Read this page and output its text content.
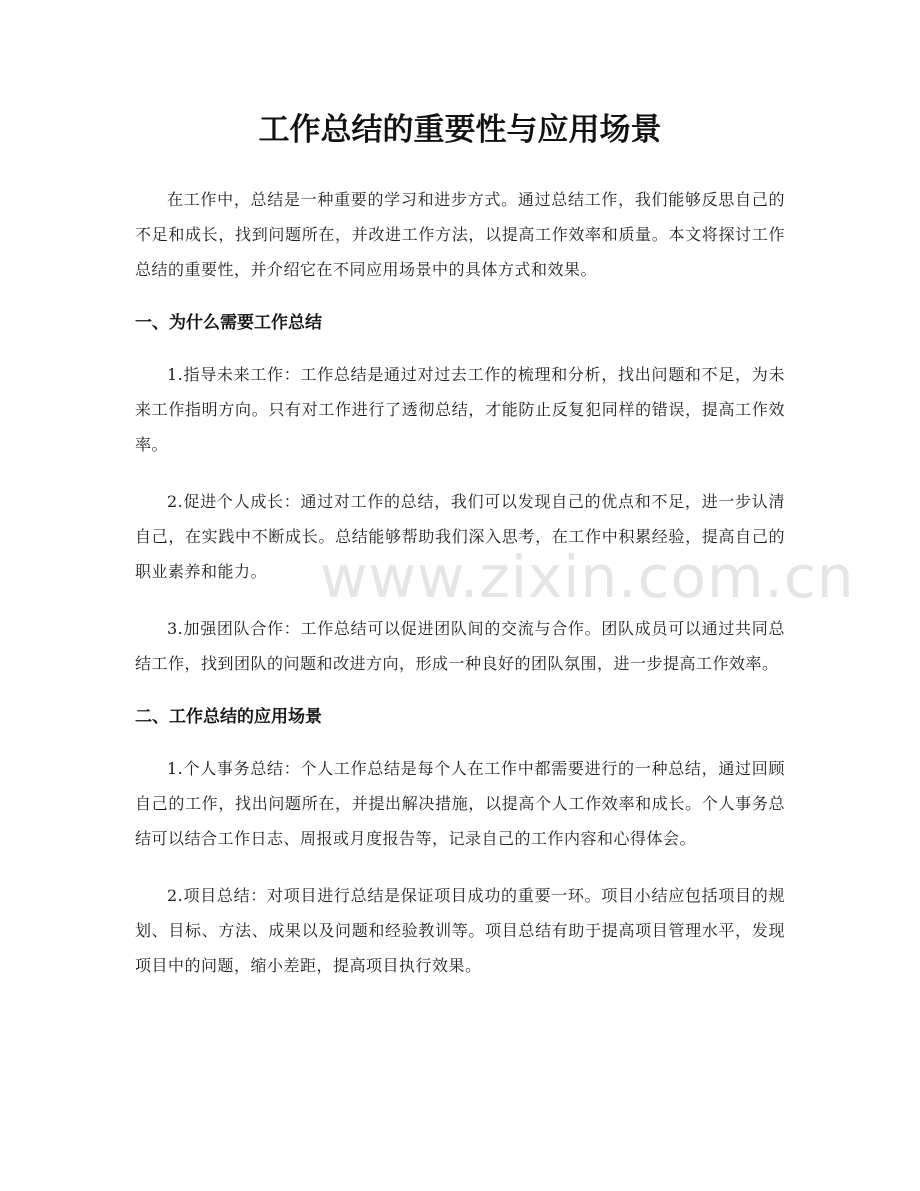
工作总结的重要性与应用场景

在工作中，总结是一种重要的学习和进步方式。通过总结工作，我们能够反思自己的不足和成长，找到问题所在，并改进工作方法，以提高工作效率和质量。本文将探讨工作总结的重要性，并介绍它在不同应用场景中的具体方式和效果。

一、为什么需要工作总结

1.指导未来工作：工作总结是通过对过去工作的梳理和分析，找出问题和不足，为未来工作指明方向。只有对工作进行了透彻总结，才能防止反复犯同样的错误，提高工作效率。

2.促进个人成长：通过对工作的总结，我们可以发现自己的优点和不足，进一步认清自己，在实践中不断成长。总结能够帮助我们深入思考，在工作中积累经验，提高自己的职业素养和能力。

3.加强团队合作：工作总结可以促进团队间的交流与合作。团队成员可以通过共同总结工作，找到团队的问题和改进方向，形成一种良好的团队氛围，进一步提高工作效率。

二、工作总结的应用场景

1.个人事务总结：个人工作总结是每个人在工作中都需要进行的一种总结，通过回顾自己的工作，找出问题所在，并提出解决措施，以提高个人工作效率和成长。个人事务总结可以结合工作日志、周报或月度报告等，记录自己的工作内容和心得体会。

2.项目总结：对项目进行总结是保证项目成功的重要一环。项目小结应包括项目的规划、目标、方法、成果以及问题和经验教训等。项目总结有助于提高项目管理水平，发现项目中的问题，缩小差距，提高项目执行效果。

www.zixin.com.cn
